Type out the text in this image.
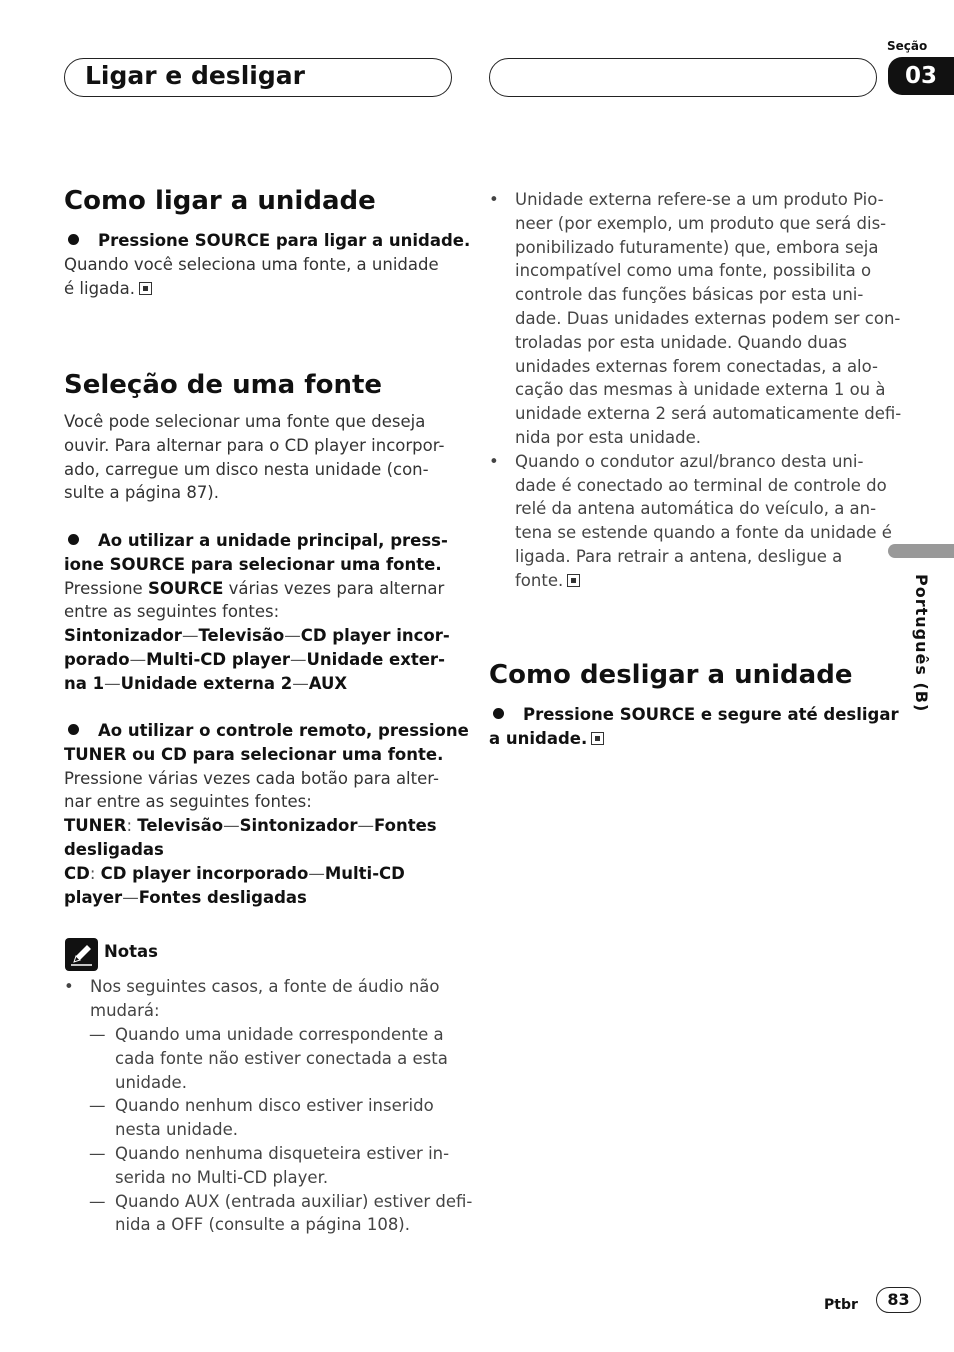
Ligar e desligar
Seção
03
Como ligar a unidade
Pressione SOURCE para ligar a unidade.
Quando você seleciona uma fonte, a unidade
é ligada.
Seleção de uma fonte
Você pode selecionar uma fonte que deseja
ouvir. Para alternar para o CD player incorpor-
ado, carregue um disco nesta unidade (con-
sulte a página 87).
Ao utilizar a unidade principal, press-
ione SOURCE para selecionar uma fonte.
Pressione SOURCE várias vezes para alternar
entre as seguintes fontes:
Sintonizador—Televisão—CD player incor-
porado—Multi-CD player—Unidade exter-
na 1—Unidade externa 2—AUX
Ao utilizar o controle remoto, pressione
TUNER ou CD para selecionar uma fonte.
Pressione várias vezes cada botão para alter-
nar entre as seguintes fontes:
TUNER: Televisão—Sintonizador—Fontes
desligadas
CD: CD player incorporado—Multi-CD
player—Fontes desligadas
Notas
• Nos seguintes casos, a fonte de áudio não
mudará:
— Quando uma unidade correspondente a
cada fonte não estiver conectada a esta
unidade.
— Quando nenhum disco estiver inserido
nesta unidade.
— Quando nenhuma disqueteira estiver in-
serida no Multi-CD player.
— Quando AUX (entrada auxiliar) estiver defi-
nida a OFF (consulte a página 108).
• Unidade externa refere-se a um produto Pio-
neer (por exemplo, um produto que será dis-
ponibilizado futuramente) que, embora seja
incompatível como uma fonte, possibilita o
controle das funções básicas por esta uni-
dade. Duas unidades externas podem ser con-
troladas por esta unidade. Quando duas
unidades externas forem conectadas, a alo-
cação das mesmas à unidade externa 1 ou à
unidade externa 2 será automaticamente defi-
nida por esta unidade.
• Quando o condutor azul/branco desta uni-
dade é conectado ao terminal de controle do
relé da antena automática do veículo, a an-
tena se estende quando a fonte da unidade é
ligada. Para retrair a antena, desligue a
fonte.
Como desligar a unidade
Pressione SOURCE e segure até desligar
a unidade.
Português (B)
Ptbr	83
